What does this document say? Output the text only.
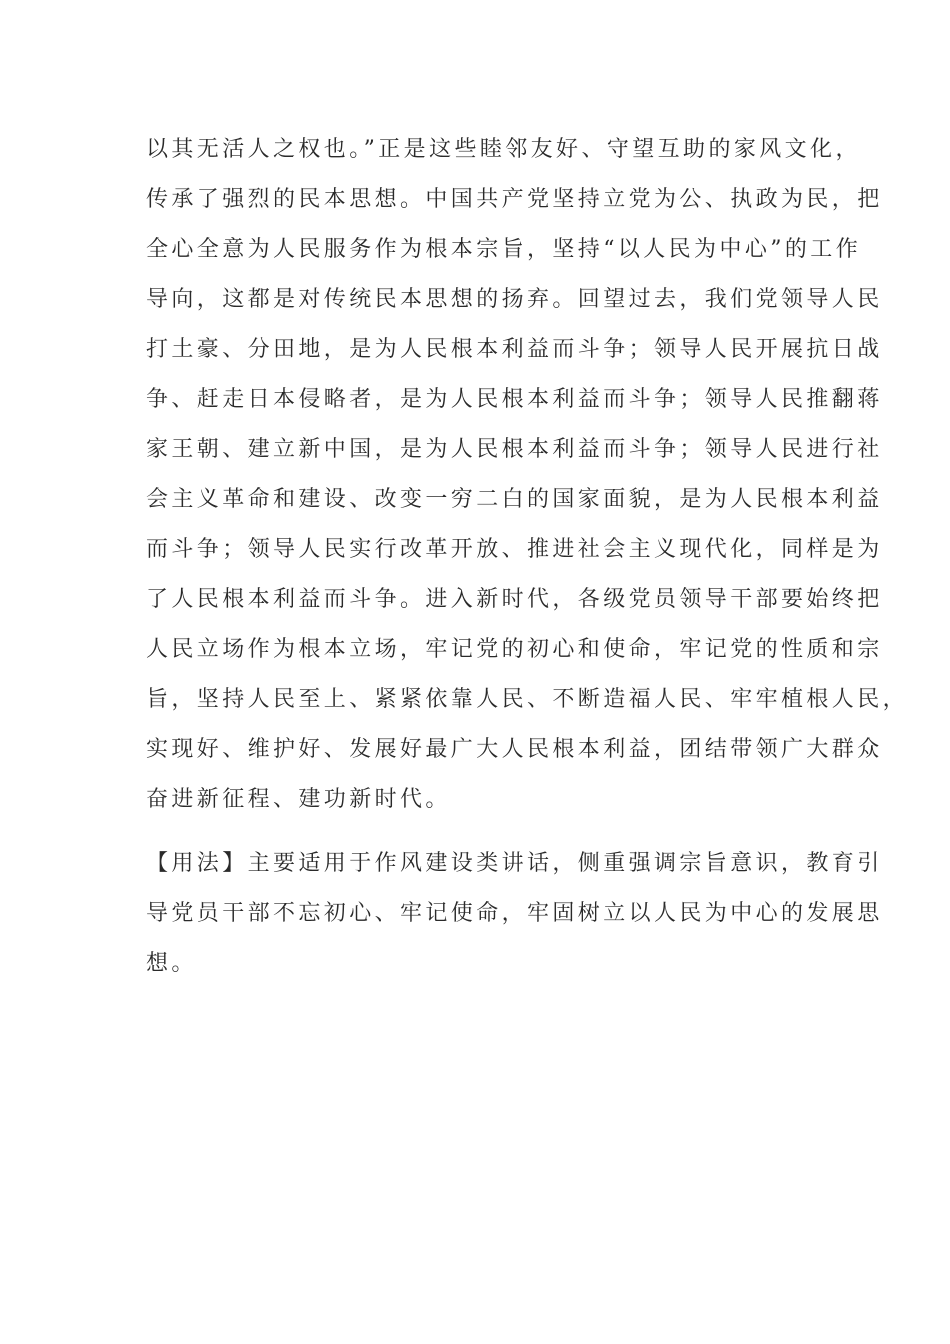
以其无活人之权也。”正是这些睦邻友好、守望互助的家风文化，

传承了强烈的民本思想。中国共产党坚持立党为公、执政为民，把

全心全意为人民服务作为根本宗旨，坚持“以人民为中心”的工作

导向，这都是对传统民本思想的扬弃。回望过去，我们党领导人民

打土豪、分田地，是为人民根本利益而斗争；领导人民开展抗日战

争、赶走日本侵略者，是为人民根本利益而斗争；领导人民推翻蒋

家王朝、建立新中国，是为人民根本利益而斗争；领导人民进行社

会主义革命和建设、改变一穷二白的国家面貌，是为人民根本利益

而斗争；领导人民实行改革开放、推进社会主义现代化，同样是为

了人民根本利益而斗争。进入新时代，各级党员领导干部要始终把

人民立场作为根本立场，牢记党的初心和使命，牢记党的性质和宗

旨，坚持人民至上、紧紧依靠人民、不断造福人民、牢牢植根人民，

实现好、维护好、发展好最广大人民根本利益，团结带领广大群众

奋进新征程、建功新时代。

【用法】主要适用于作风建设类讲话，侧重强调宗旨意识，教育引

导党员干部不忘初心、牢记使命，牢固树立以人民为中心的发展思

想。
